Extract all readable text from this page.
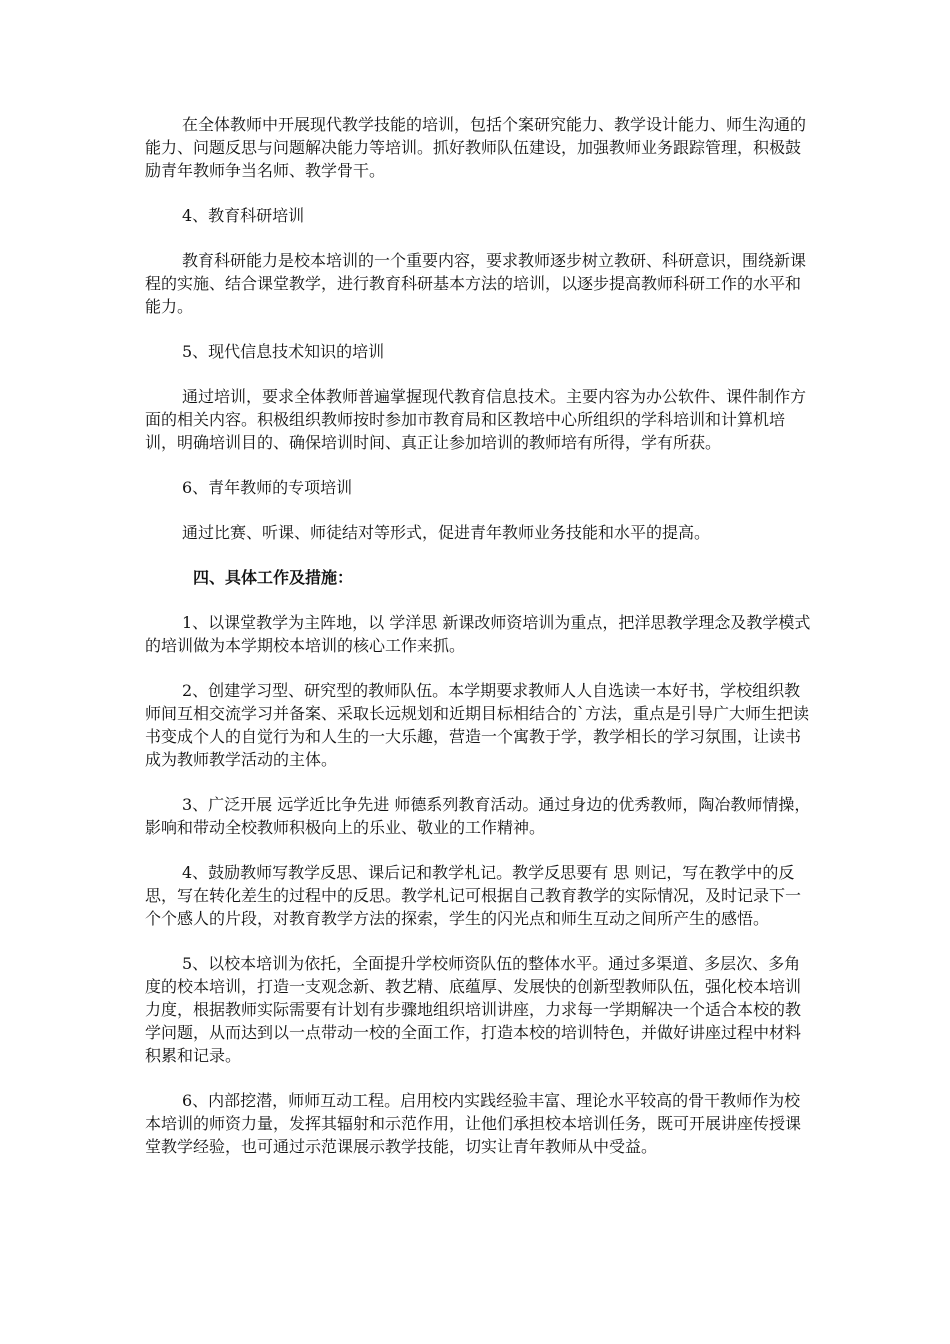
在全体教师中开展现代教学技能的培训，包括个案研究能力、教学设计能力、师生沟通的能力、问题反思与问题解决能力等培训。抓好教师队伍建设，加强教师业务跟踪管理，积极鼓励青年教师争当名师、教学骨干。

4、教育科研培训

教育科研能力是校本培训的一个重要内容，要求教师逐步树立教研、科研意识，围绕新课程的实施、结合课堂教学，进行教育科研基本方法的培训，以逐步提高教师科研工作的水平和能力。

5、现代信息技术知识的培训

通过培训，要求全体教师普遍掌握现代教育信息技术。主要内容为办公软件、课件制作方面的相关内容。积极组织教师按时参加市教育局和区教培中心所组织的学科培训和计算机培训，明确培训目的、确保培训时间、真正让参加培训的教师培有所得，学有所获。

6、青年教师的专项培训

通过比赛、听课、师徒结对等形式，促进青年教师业务技能和水平的提高。

四、具体工作及措施：

1、以课堂教学为主阵地，以 学洋思 新课改师资培训为重点，把洋思教学理念及教学模式的培训做为本学期校本培训的核心工作来抓。

2、创建学习型、研究型的教师队伍。本学期要求教师人人自选读一本好书，学校组织教师间互相交流学习并备案、采取长远规划和近期目标相结合的`方法，重点是引导广大师生把读书变成个人的自觉行为和人生的一大乐趣，营造一个寓教于学，教学相长的学习氛围，让读书成为教师教学活动的主体。

3、广泛开展 远学近比争先进 师德系列教育活动。通过身边的优秀教师，陶冶教师情操，影响和带动全校教师积极向上的乐业、敬业的工作精神。

4、鼓励教师写教学反思、课后记和教学札记。教学反思要有 思 则记，写在教学中的反思，写在转化差生的过程中的反思。教学札记可根据自己教育教学的实际情况，及时记录下一个个感人的片段，对教育教学方法的探索，学生的闪光点和师生互动之间所产生的感悟。

5、以校本培训为依托，全面提升学校师资队伍的整体水平。通过多渠道、多层次、多角度的校本培训，打造一支观念新、教艺精、底蕴厚、发展快的创新型教师队伍，强化校本培训力度，根据教师实际需要有计划有步骤地组织培训讲座，力求每一学期解决一个适合本校的教学问题，从而达到以一点带动一校的全面工作，打造本校的培训特色，并做好讲座过程中材料积累和记录。

6、内部挖潜，师师互动工程。启用校内实践经验丰富、理论水平较高的骨干教师作为校本培训的师资力量，发挥其辐射和示范作用，让他们承担校本培训任务，既可开展讲座传授课堂教学经验，也可通过示范课展示教学技能，切实让青年教师从中受益。
